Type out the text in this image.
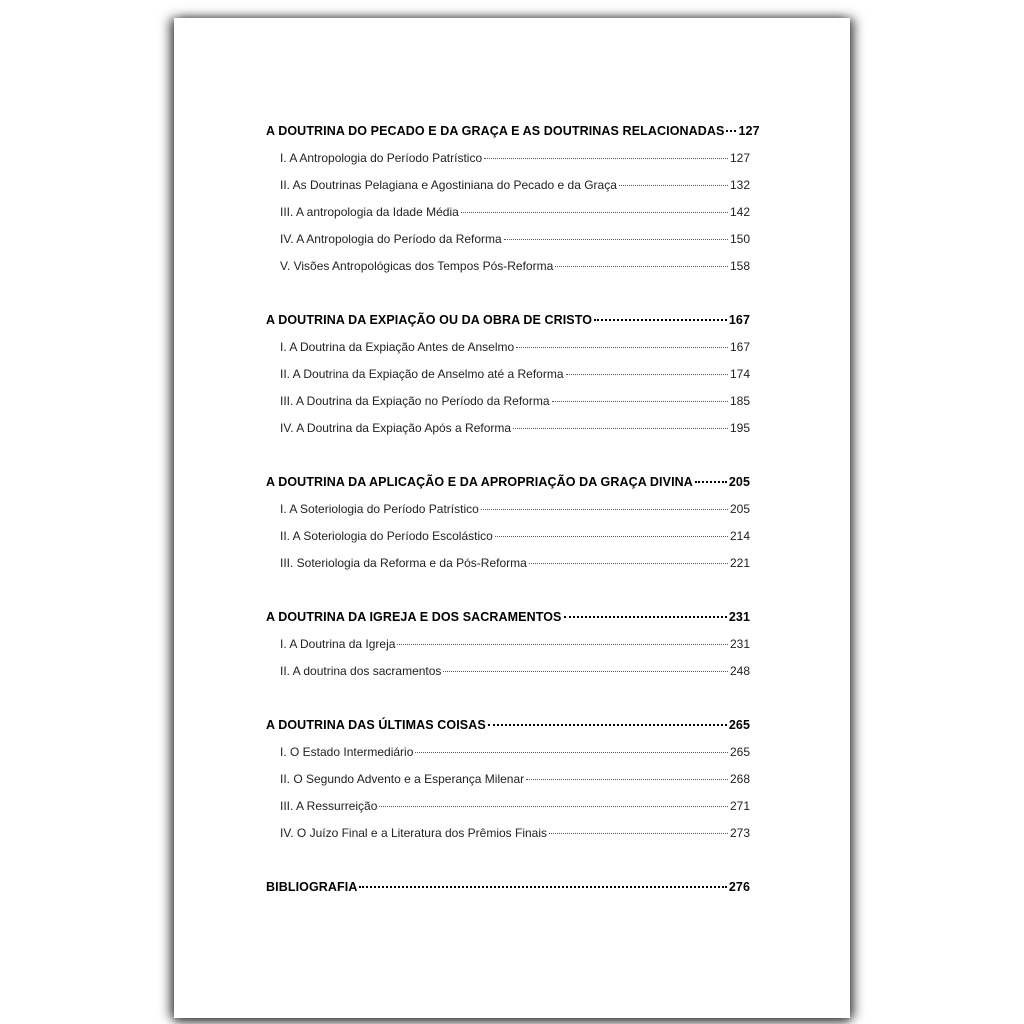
A DOUTRINA DO PECADO E DA GRAÇA E AS DOUTRINAS RELACIONADAS 127
I. A Antropologia do Período Patrístico	127
II. As Doutrinas Pelagiana e Agostiniana do Pecado e da Graça	132
III. A antropologia da Idade Média	142
IV. A Antropologia do Período da Reforma	150
V. Visões Antropológicas dos Tempos Pós-Reforma	158
A DOUTRINA DA EXPIAÇÃO OU DA OBRA DE CRISTO	167
I. A Doutrina da Expiação Antes de Anselmo	167
II. A Doutrina da Expiação de Anselmo até a Reforma	174
III. A Doutrina da Expiação no Período da Reforma	185
IV. A Doutrina da Expiação Após a Reforma	195
A DOUTRINA DA APLICAÇÃO E DA APROPRIAÇÃO DA GRAÇA DIVINA	205
I. A Soteriologia do Período Patrístico	205
II. A Soteriologia do Período Escolástico	214
III. Soteriologia da Reforma e da Pós-Reforma	221
A DOUTRINA DA IGREJA E DOS SACRAMENTOS	231
I. A Doutrina da Igreja	231
II. A doutrina dos sacramentos	248
A DOUTRINA DAS ÚLTIMAS COISAS	265
I. O Estado Intermediário	265
II. O Segundo Advento e a Esperança Milenar	268
III. A Ressurreição	271
IV. O Juízo Final e a Literatura dos Prêmios Finais	273
BIBLIOGRAFIA	276
